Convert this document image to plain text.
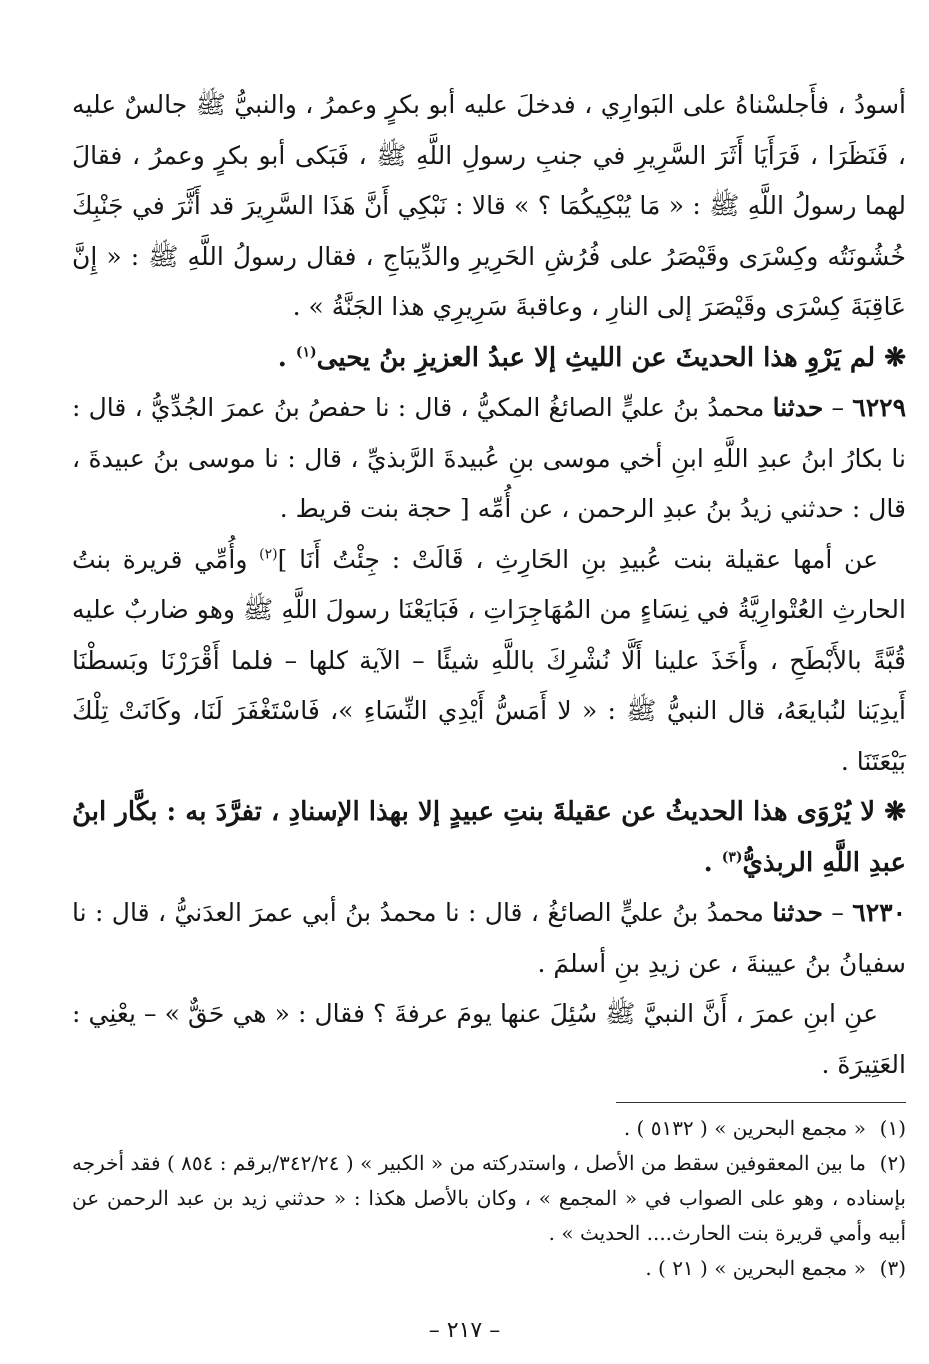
أسودُ ، فأَجلسْناهُ على البَوارِي ، فدخلَ عليه أبو بكرٍ وعمرُ ، والنبيُّ ﷺ جالسٌ عليه ، فَنَظَرَا ، فَرَأَيَا أَثَرَ السَّرِيرِ في جنبِ رسولِ اللَّهِ ﷺ ، فَبَكى أبو بكرٍ وعمرُ ، فقالَ لهما رسولُ اللَّهِ ﷺ : « مَا يُبْكِيكُمَا ؟ » قالا : نَبْكِي أَنَّ هَذَا السَّرِيرَ قد أَثَّرَ في جَنْبِكَ خُشُونَتُه وكِسْرَى وقَيْصَرُ على فُرُشِ الحَرِيرِ والدِّيبَاجِ ، فقال رسولُ اللَّهِ ﷺ : « إِنَّ عَاقِبَةَ كِسْرَى وقَيْصَرَ إلى النارِ ، وعاقبةَ سَرِيرِي هذا الجَنَّةُ » .

❋ لم يَرْوِ هذا الحديثَ عن الليثِ إلا عبدُ العزيزِ بنُ يحيى$^{(١)}$ .

٦٢٢٩ – حدثنا محمدُ بنُ عليٍّ الصائغُ المكيُّ ، قال : نا حفصُ بنُ عمرَ الجُدِّيُّ ، قال : نا بكارُ ابنُ عبدِ اللَّهِ ابنِ أخي موسى بنِ عُبيدةَ الرَّبذيِّ ، قال : نا موسى بنُ عبيدةَ ، قال : حدثني زيدُ بنُ عبدِ الرحمن ، عن أُمِّه [ حجة بنت قريط .

عن أمها عقيلة بنت عُبيدِ بنِ الحَارِثِ ، قَالَتْ : جِئْتُ أَنَا ]$^{(٢)}$ وأُمِّي قريرة بنتُ الحارثِ العُتْوارِيَّةُ في نِسَاءٍ من المُهَاجِرَاتِ ، فَبَايَعْنَا رسولَ اللَّهِ ﷺ وهو ضاربٌ عليه قُبَّةً بالأَبْطَحِ ، وأَخَذَ علينا أَلَّا نُشْرِكَ باللَّهِ شيئًا – الآية كلها – فلما أَقْرَرْنَا وبَسطْنَا أَيدِيَنا لنُبايعَهُ، قال النبيُّ ﷺ : « لا أَمَسُّ أَيْدِي النِّسَاءِ »، فَاسْتَغْفَرَ لَنَا، وكَانَتْ تِلْكَ بَيْعَتَنَا .

❋ لا يُرْوَى هذا الحديثُ عن عقيلةَ بنتِ عبيدٍ إلا بهذا الإسنادِ ، تفرَّدَ به : بكَّار ابنُ عبدِ اللَّهِ الربذيُّ$^{(٣)}$ .

٦٢٣٠ – حدثنا محمدُ بنُ عليٍّ الصائغُ ، قال : نا محمدُ بنُ أبي عمرَ العدَنيُّ ، قال : نا سفيانُ بنُ عيينةَ ، عن زيدِ بنِ أسلمَ .

عنِ ابنِ عمرَ ، أَنَّ النبيَّ ﷺ سُئِلَ عنها يومَ عرفةَ ؟ فقال : « هي حَقٌّ » – يعْنِي : العَتِيرَةَ .

(١)« مجمع البحرين » ( ٥١٣٢ ) .

(٢)ما بين المعقوفين سقط من الأصل ، واستدركته من « الكبير » ( ٣٤٢/٢٤/برقم : ٨٥٤ ) فقد أخرجه بإسناده ، وهو على الصواب في « المجمع » ، وكان بالأصل هكذا : « حدثني زيد بن عبد الرحمن عن أبيه وأمي قريرة بنت الحارث.... الحديث » .

(٣)« مجمع البحرين » ( ٢١ ) .

– ٢١٧ –
